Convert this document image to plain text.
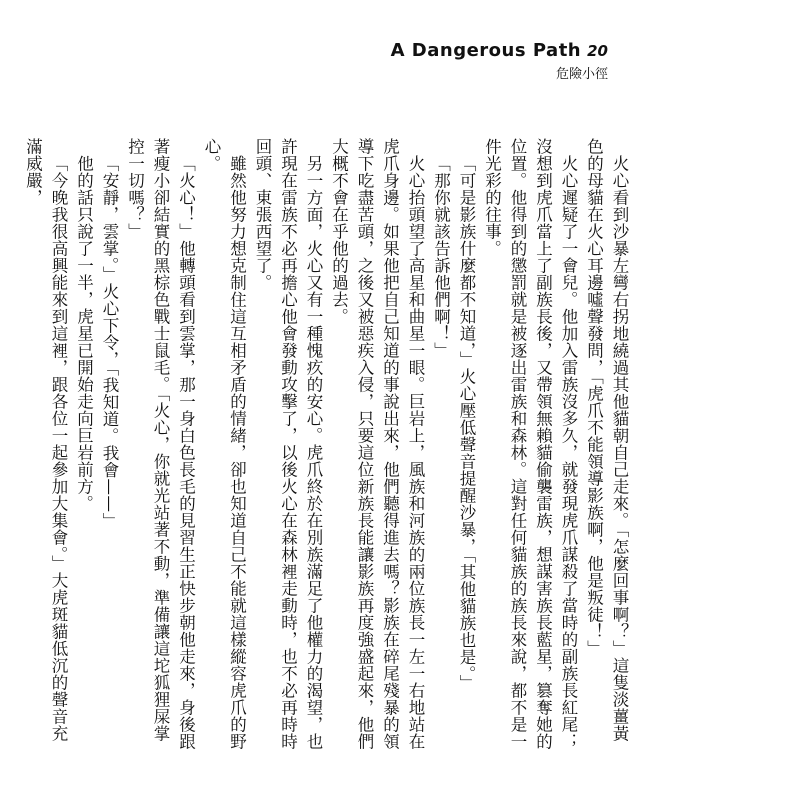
A Dangerous Path 20
危險小徑

火心看到沙暴左彎右拐地繞過其他貓朝自己走來。「怎麼回事啊？」這隻淡薑黃色的母貓在火心耳邊噓聲發問，「虎爪不能領導影族啊，他是叛徒！」

火心遲疑了一會兒。他加入雷族沒多久，就發現虎爪謀殺了當時的副族長紅尾；沒想到虎爪當上了副族長後，又帶領無賴貓偷襲雷族，想謀害族長藍星，篡奪她的位置。他得到的懲罰就是被逐出雷族和森林。這對任何貓族的族長來說，都不是一件光彩的往事。

「可是影族什麼都不知道，」火心壓低聲音提醒沙暴，「其他貓族也是。」

「那你就該告訴他們啊！」

火心抬頭望了高星和曲星一眼。巨岩上，風族和河族的兩位族長一左一右地站在虎爪身邊。如果他把自己知道的事說出來，他們聽得進去嗎？影族在碎尾殘暴的領導下吃盡苦頭，之後又被惡疾入侵，只要這位新族長能讓影族再度強盛起來，他們大概不會在乎他的過去。

另一方面，火心又有一種愧疚的安心。虎爪終於在別族滿足了他權力的渴望，也許現在雷族不必再擔心他會發動攻擊了，以後火心在森林裡走動時，也不必再時時回頭、東張西望了。

雖然他努力想克制住這互相矛盾的情緒，卻也知道自己不能就這樣縱容虎爪的野心。

「火心！」他轉頭看到雲掌，那一身白色長毛的見習生正快步朝他走來，身後跟著瘦小卻結實的黑棕色戰士鼠毛。「火心，你就光站著不動，準備讓這坨狐狸屎掌控一切嗎？」

「安靜，雲掌。」火心下令，「我知道。我會——」

他的話只說了一半，虎星已開始走向巨岩前方。

「今晚我很高興能來到這裡，跟各位一起參加大集會。」大虎斑貓低沉的聲音充滿威嚴，
